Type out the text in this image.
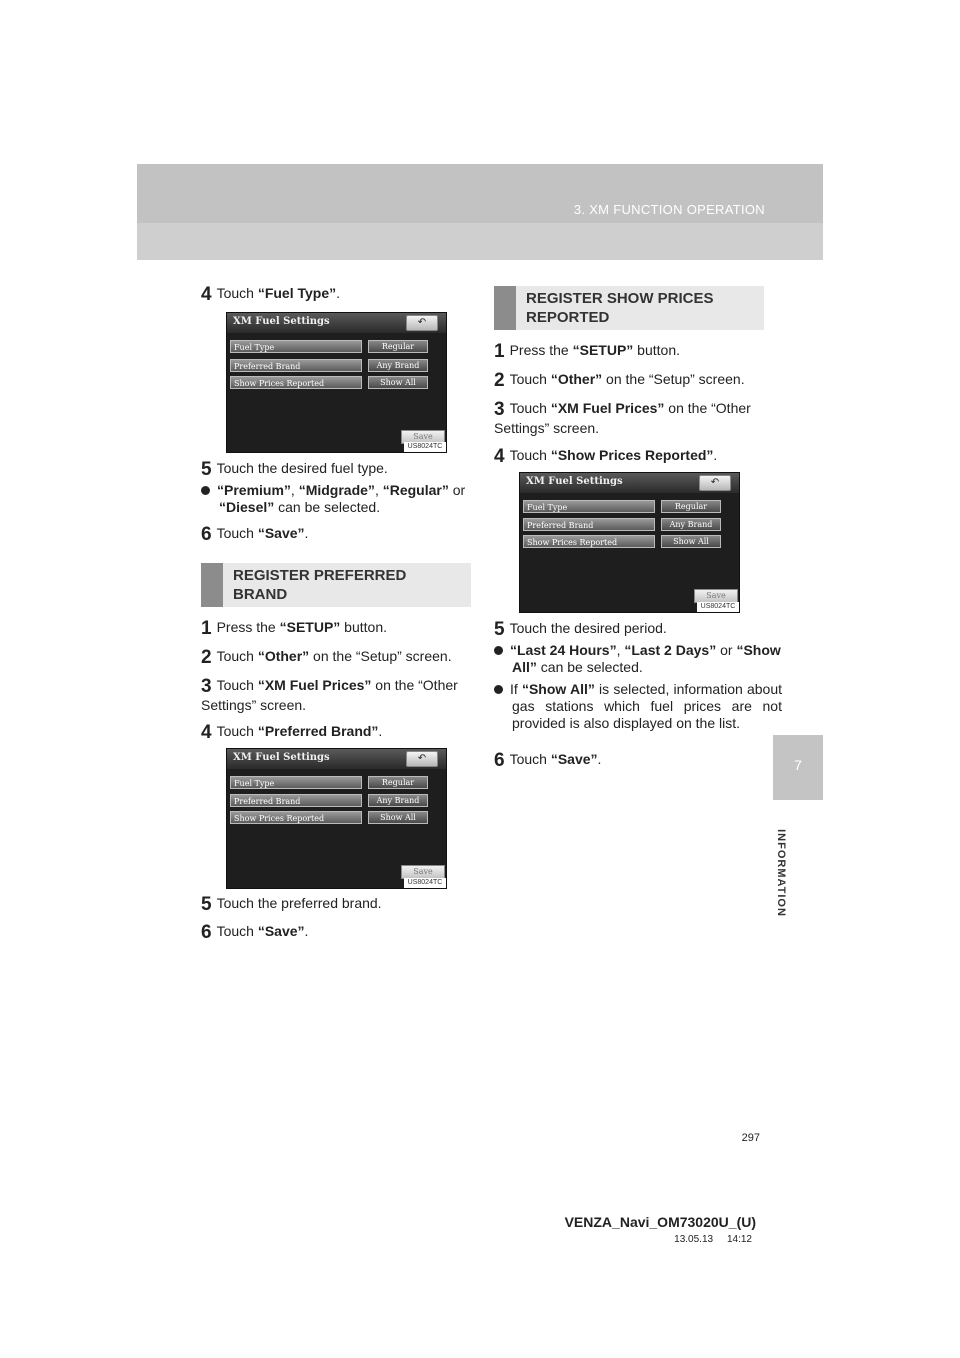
3. XM FUNCTION OPERATION
7
INFORMATION
4 Touch “Fuel Type”.
XM Fuel Settings	↶
Fuel Type	Regular
Preferred Brand	Any Brand
Show Prices Reported	Show All
Save
US8024TC
5 Touch the desired fuel type.
“Premium”, “Midgrade”, “Regular” or “Diesel” can be selected.
6 Touch “Save”.
REGISTER PREFERRED BRAND
1 Press the “SETUP” button.
2 Touch “Other” on the “Setup” screen.
3 Touch “XM Fuel Prices” on the “Other Settings” screen.
4 Touch “Preferred Brand”.
XM Fuel Settings	↶
Fuel Type	Regular
Preferred Brand	Any Brand
Show Prices Reported	Show All
Save
US8024TC
5 Touch the preferred brand.
6 Touch “Save”.
REGISTER SHOW PRICES REPORTED
1 Press the “SETUP” button.
2 Touch “Other” on the “Setup” screen.
3 Touch “XM Fuel Prices” on the “Other Settings” screen.
4 Touch “Show Prices Reported”.
XM Fuel Settings	↶
Fuel Type	Regular
Preferred Brand	Any Brand
Show Prices Reported	Show All
Save
US8024TC
5 Touch the desired period.
“Last 24 Hours”, “Last 2 Days” or “Show All” can be selected.
If “Show All” is selected, information about gas stations which fuel prices are not provided is also displayed on the list.
6 Touch “Save”.
297
VENZA_Navi_OM73020U_(U)
13.05.13     14:12
